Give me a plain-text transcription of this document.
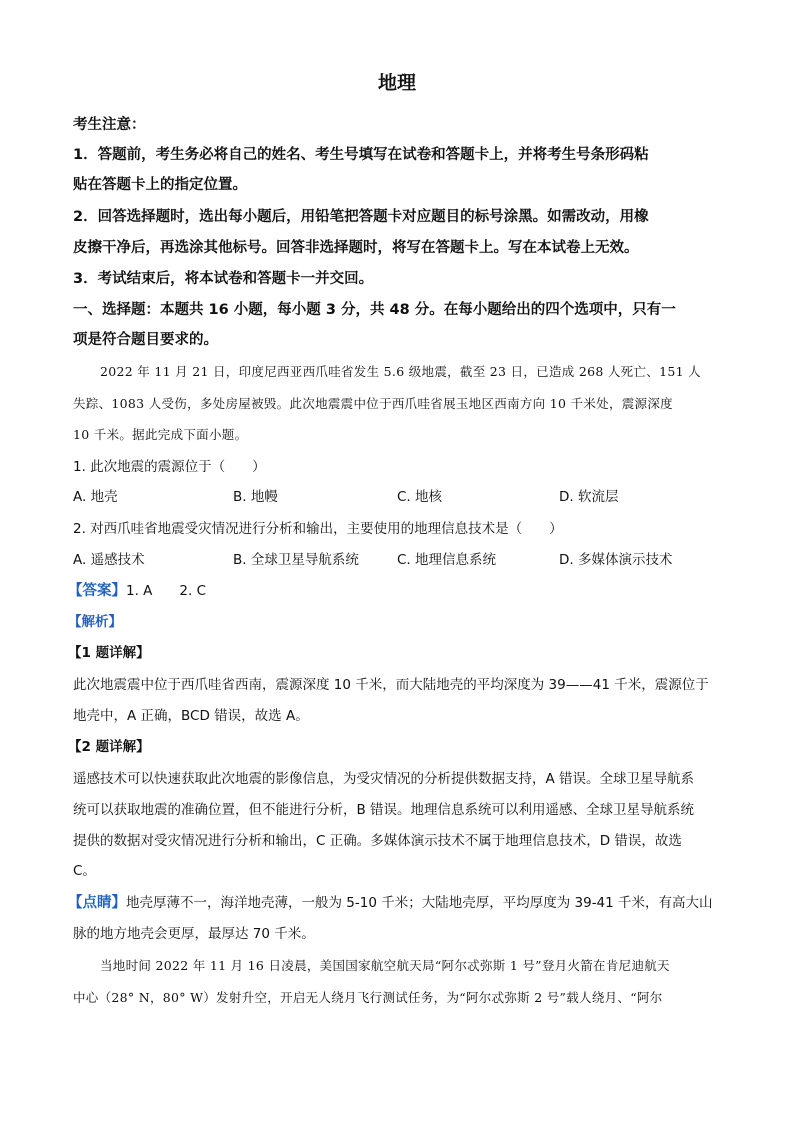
地理
考生注意：
1．答题前，考生务必将自己的姓名、考生号填写在试卷和答题卡上，并将考生号条形码粘
贴在答题卡上的指定位置。
2．回答选择题时，选出每小题后，用铅笔把答题卡对应题目的标号涂黑。如需改动，用橡
皮擦干净后，再选涂其他标号。回答非选择题时，将写在答题卡上。写在本试卷上无效。
3．考试结束后，将本试卷和答题卡一并交回。
一、选择题：本题共 16 小题，每小题 3 分，共 48 分。在每小题给出的四个选项中，只有一
项是符合题目要求的。
2022 年 11 月 21 日，印度尼西亚西爪哇省发生 5.6 级地震，截至 23 日，已造成 268 人死亡、151 人
失踪、1083 人受伤，多处房屋被毁。此次地震震中位于西爪哇省展玉地区西南方向 10 千米处，震源深度
10 千米。据此完成下面小题。
1. 此次地震的震源位于（　　）
A. 地壳	B. 地幔	C. 地核	D. 软流层
2. 对西爪哇省地震受灾情况进行分析和输出，主要使用的地理信息技术是（　　）
A. 遥感技术	B. 全球卫星导航系统	C. 地理信息系统	D. 多媒体演示技术
【答案】1. A　　2. C
【解析】
【1 题详解】
此次地震震中位于西爪哇省西南，震源深度 10 千米，而大陆地壳的平均深度为 39——41 千米，震源位于
地壳中，A 正确，BCD 错误，故选 A。
【2 题详解】
遥感技术可以快速获取此次地震的影像信息，为受灾情况的分析提供数据支持，A 错误。全球卫星导航系
统可以获取地震的准确位置，但不能进行分析，B 错误。地理信息系统可以利用遥感、全球卫星导航系统
提供的数据对受灾情况进行分析和输出，C 正确。多媒体演示技术不属于地理信息技术，D 错误，故选
C。
【点睛】地壳厚薄不一，海洋地壳薄，一般为 5-10 千米；大陆地壳厚，平均厚度为 39-41 千米，有高大山
脉的地方地壳会更厚，最厚达 70 千米。
当地时间 2022 年 11 月 16 日凌晨，美国国家航空航天局“阿尔忒弥斯 1 号”登月火箭在肯尼迪航天
中心（28° N，80° W）发射升空，开启无人绕月飞行测试任务，为“阿尔忒弥斯 2 号”载人绕月、“阿尔
